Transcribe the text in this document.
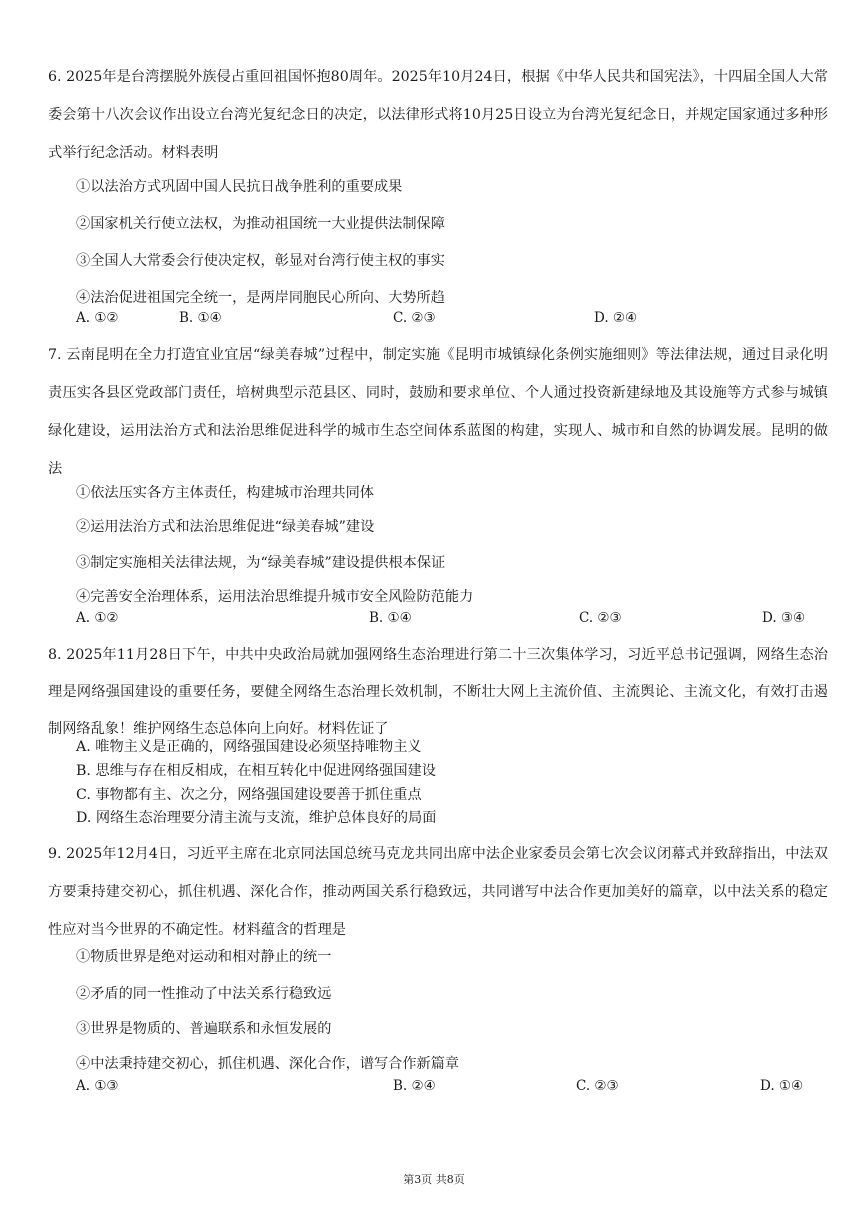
6. 2025年是台湾摆脱外族侵占重回祖国怀抱80周年。2025年10月24日，根据《中华人民共和国宪法》，十四届全国人大常委会第十八次会议作出设立台湾光复纪念日的决定，以法律形式将10月25日设立为台湾光复纪念日，并规定国家通过多种形式举行纪念活动。材料表明

①以法治方式巩固中国人民抗日战争胜利的重要成果
②国家机关行使立法权，为推动祖国统一大业提供法制保障
③全国人大常委会行使决定权，彰显对台湾行使主权的事实
④法治促进祖国完全统一，是两岸同胞民心所向、大势所趋
A. ①②	B. ①④	C. ②③	D. ②④

7. 云南昆明在全力打造宜业宜居“绿美春城”过程中，制定实施《昆明市城镇绿化条例实施细则》等法律法规，通过目录化明责压实各县区党政部门责任，培树典型示范县区、同时，鼓励和要求单位、个人通过投资新建绿地及其设施等方式参与城镇绿化建设，运用法治方式和法治思维促进科学的城市生态空间体系蓝图的构建，实现人、城市和自然的协调发展。昆明的做法

①依法压实各方主体责任，构建城市治理共同体
②运用法治方式和法治思维促进“绿美春城”建设
③制定实施相关法律法规，为“绿美春城”建设提供根本保证
④完善安全治理体系，运用法治思维提升城市安全风险防范能力
A. ①②	B. ①④	C. ②③	D. ③④

8. 2025年11月28日下午，中共中央政治局就加强网络生态治理进行第二十三次集体学习，习近平总书记强调，网络生态治理是网络强国建设的重要任务，要健全网络生态治理长效机制，不断壮大网上主流价值、主流舆论、主流文化，有效打击遏制网络乱象！维护网络生态总体向上向好。材料佐证了

A. 唯物主义是正确的，网络强国建设必须坚持唯物主义
B. 思维与存在相反相成，在相互转化中促进网络强国建设
C. 事物都有主、次之分，网络强国建设要善于抓住重点
D. 网络生态治理要分清主流与支流，维护总体良好的局面

9. 2025年12月4日，习近平主席在北京同法国总统马克龙共同出席中法企业家委员会第七次会议闭幕式并致辞指出，中法双方要秉持建交初心，抓住机遇、深化合作，推动两国关系行稳致远，共同谱写中法合作更加美好的篇章，以中法关系的稳定性应对当今世界的不确定性。材料蕴含的哲理是

①物质世界是绝对运动和相对静止的统一
②矛盾的同一性推动了中法关系行稳致远
③世界是物质的、普遍联系和永恒发展的
④中法秉持建交初心，抓住机遇、深化合作，谱写合作新篇章
A. ①③	B. ②④	C. ②③	D. ①④
第3页 共8页
